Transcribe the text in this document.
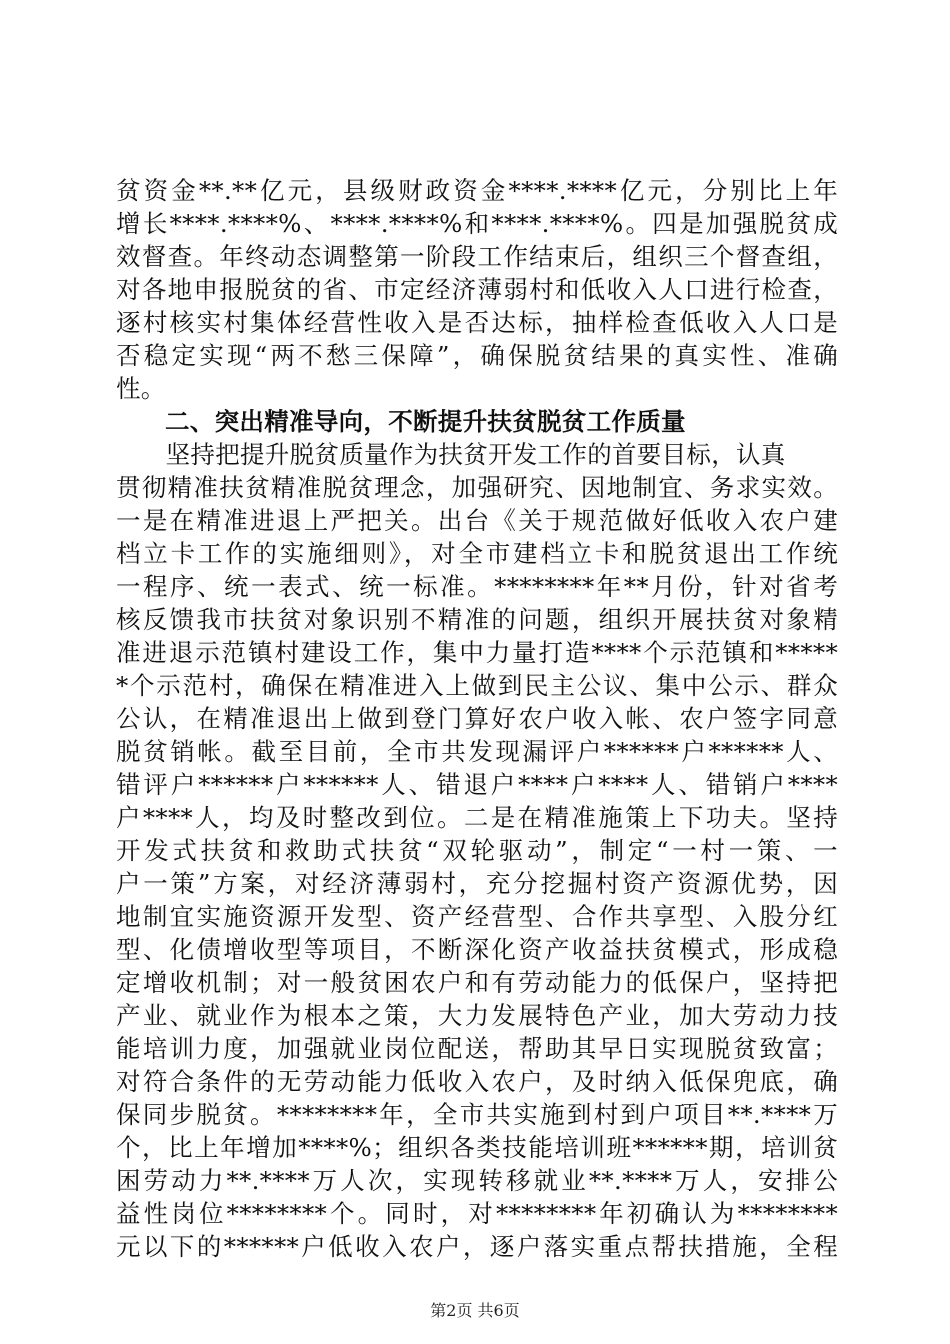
贫资金**.**亿元，县级财政资金****.****亿元，分别比上年
增长****.****%、****.****%和****.****%。四是加强脱贫成
效督查。年终动态调整第一阶段工作结束后，组织三个督查组，
对各地申报脱贫的省、市定经济薄弱村和低收入人口进行检查，
逐村核实村集体经营性收入是否达标，抽样检查低收入人口是
否稳定实现“两不愁三保障”，确保脱贫结果的真实性、准确
性。
二、突出精准导向，不断提升扶贫脱贫工作质量
　　坚持把提升脱贫质量作为扶贫开发工作的首要目标，认真
贯彻精准扶贫精准脱贫理念，加强研究、因地制宜、务求实效。
一是在精准进退上严把关。出台《关于规范做好低收入农户建
档立卡工作的实施细则》，对全市建档立卡和脱贫退出工作统
一程序、统一表式、统一标准。********年**月份，针对省考
核反馈我市扶贫对象识别不精准的问题，组织开展扶贫对象精
准进退示范镇村建设工作，集中力量打造****个示范镇和*****
*个示范村，确保在精准进入上做到民主公议、集中公示、群众
公认，在精准退出上做到登门算好农户收入帐、农户签字同意
脱贫销帐。截至目前，全市共发现漏评户******户******人、
错评户******户******人、错退户****户****人、错销户****
户****人，均及时整改到位。二是在精准施策上下功夫。坚持
开发式扶贫和救助式扶贫“双轮驱动”，制定“一村一策、一
户一策”方案，对经济薄弱村，充分挖掘村资产资源优势，因
地制宜实施资源开发型、资产经营型、合作共享型、入股分红
型、化债增收型等项目，不断深化资产收益扶贫模式，形成稳
定增收机制；对一般贫困农户和有劳动能力的低保户，坚持把
产业、就业作为根本之策，大力发展特色产业，加大劳动力技
能培训力度，加强就业岗位配送，帮助其早日实现脱贫致富；
对符合条件的无劳动能力低收入农户，及时纳入低保兜底，确
保同步脱贫。********年，全市共实施到村到户项目**.****万
个，比上年增加****%；组织各类技能培训班******期，培训贫
困劳动力**.****万人次，实现转移就业**.****万人，安排公
益性岗位********个。同时，对********年初确认为********
元以下的******户低收入农户，逐户落实重点帮扶措施，全程
第2页 共6页
